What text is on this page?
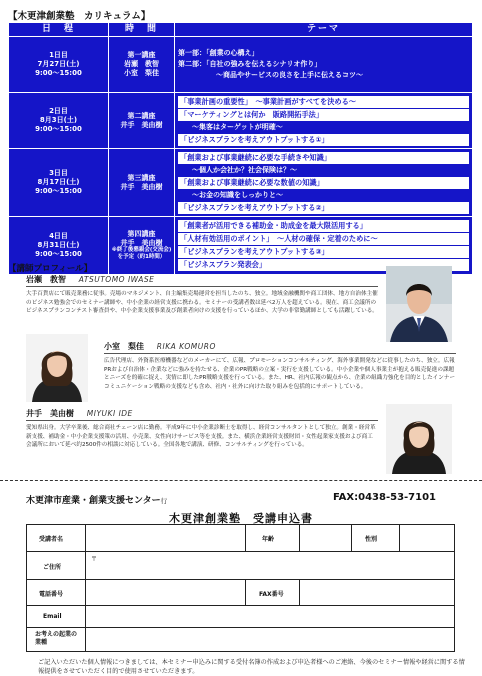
【木更津創業塾　カリキュラム】
日　程	時　間	テーマ

1日目
7月27日(土)
9:00～15:00	第一講座
岩瀬　教智
小室　梨佳	第一部：「創業の心構え」
第二部：「自社の強みを伝えるシナリオ作り」
～商品やサービスの良さを上手に伝えるコツ～

2日目
8月3日(土)
9:00～15:00	第二講座
井手　美由樹	「事業計画の重要性」　～事業計画がすべてを決める～
「マーケティングとは何か　販路開拓手法」
～集客はターゲットが明確～
「ビジネスプランを考えアウトプットする①」

3日目
8月17日(土)
9:00～15:00	第三講座
井手　美由樹	「創業および事業継続に必要な手続きや知識」
～個人か会社か？社会保険は？～
「創業および事業継続に必要な数値の知識」
～お金の知識をしっかりと～
「ビジネスプランを考えアウトプットする②」

4日目
8月31日(土)
9:00～15:00	第四講座
井手　美由樹
※終了後懇親会(交流会)を予定（約1時間）	「創業者が活用できる補助金・助成金を最大限活用する」
「人材有効活用のポイント」　～人材の確保・定着のために～
「ビジネスプランを考えアウトプットする③」
「ビジネスプラン発表会」
【講師プロフィール】
岩瀬　教智 ATSUTOMO IWASE
大手百貨店にて販売業務に従事。売場のマネジメント、自主編集売場運営を担当したのち、独立。地域金融機関や商工団体、地方自治体主催のビジネス勉強会でのセミナー講師や、中小企業の経営支援に携わる。セミナーの受講者数は延べ2万人を超えている。現在、商工会議所のビジネスプランコンテスト審査員や、中小企業支援事業及び創業者向けの支援を行っているほか、大学の非常勤講師としても活躍している。
小室　梨佳 RIKA KOMURO
広告代理店、外資系医療機器などのメーカーにて、広報、プロモーションコンサルティング、海外事業開発などに従事したのち、独立。広報PRおよび自治体・企業などに強みを持たせる、企業のPR戦略の立案・実行を支援している。中小企業や個人事業主が抱える販売促進の課題とニーズを的確に捉え、実情に即したPR戦略支援を行っている。また、HR、社内広報の観点から、企業の組織力強化を目的としたインナーコミュニケーション戦略の支援なども含め、社内・社外に向けた取り組みを包括的にサポートしている。
井手　美由樹 MIYUKI IDE
愛知県出身。大学卒業後、総合商社チェーン店に勤務。平成9年に中小企業診断士を取得し、経営コンサルタントとして独立。創業・経営革新支援、補助金・中小企業支援策の活用、小売業、女性向けサービス等を支援。また、横浜企業経営支援財団・女性起業家支援および商工会議所において延べ約2500件の相談に対応している。全国各地で講演、研修、コンサルティングを行っている。
木更津市産業・創業支援センター行	FAX:0438-53-7101
木更津創業塾　受講申込書
受講者名	年齢	性別
ご住所
〒
電話番号	FAX番号
Email
お考えの起業の業種
ご記入いただいた個人情報につきましては、本セミナー申込みに関する受付名簿の作成および申込者様へのご連絡、今後のセミナー情報や経営に関する情報提供をさせていただく目的で使用させていただきます。
